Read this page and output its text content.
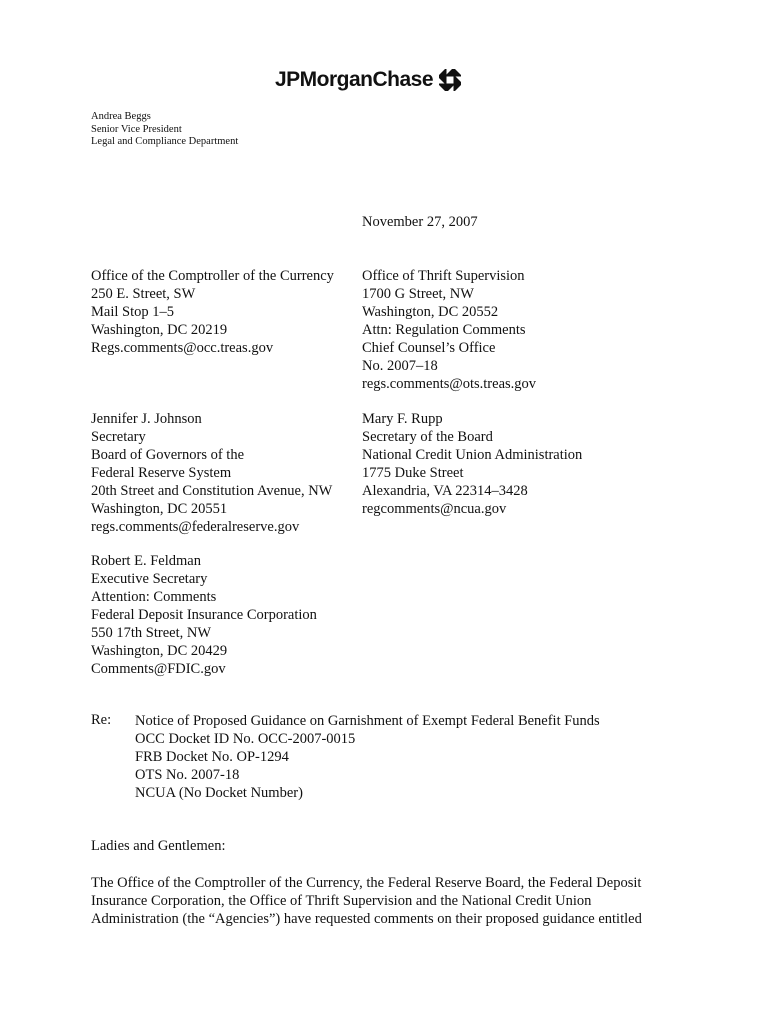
JPMorganChase
Andrea Beggs
Senior Vice President
Legal and Compliance Department
November 27, 2007
Office of the Comptroller of the Currency
250 E. Street, SW
Mail Stop 1–5
Washington, DC 20219
Regs.comments@occ.treas.gov
Office of Thrift Supervision
1700 G Street, NW
Washington, DC 20552
Attn: Regulation Comments
Chief Counsel’s Office
No. 2007–18
regs.comments@ots.treas.gov
Jennifer J. Johnson
Secretary
Board of Governors of the
Federal Reserve System
20th Street and Constitution Avenue, NW
Washington, DC 20551
regs.comments@federalreserve.gov
Mary F. Rupp
Secretary of the Board
National Credit Union Administration
1775 Duke Street
Alexandria, VA 22314–3428
regcomments@ncua.gov
Robert E. Feldman
Executive Secretary
Attention: Comments
Federal Deposit Insurance Corporation
550 17th Street, NW
Washington, DC 20429
Comments@FDIC.gov
Re: Notice of Proposed Guidance on Garnishment of Exempt Federal Benefit Funds
OCC Docket ID No. OCC-2007-0015
FRB Docket No. OP-1294
OTS No. 2007-18
NCUA (No Docket Number)
Ladies and Gentlemen:
The Office of the Comptroller of the Currency, the Federal Reserve Board, the Federal Deposit
Insurance Corporation, the Office of Thrift Supervision and the National Credit Union
Administration (the “Agencies”) have requested comments on their proposed guidance entitled
